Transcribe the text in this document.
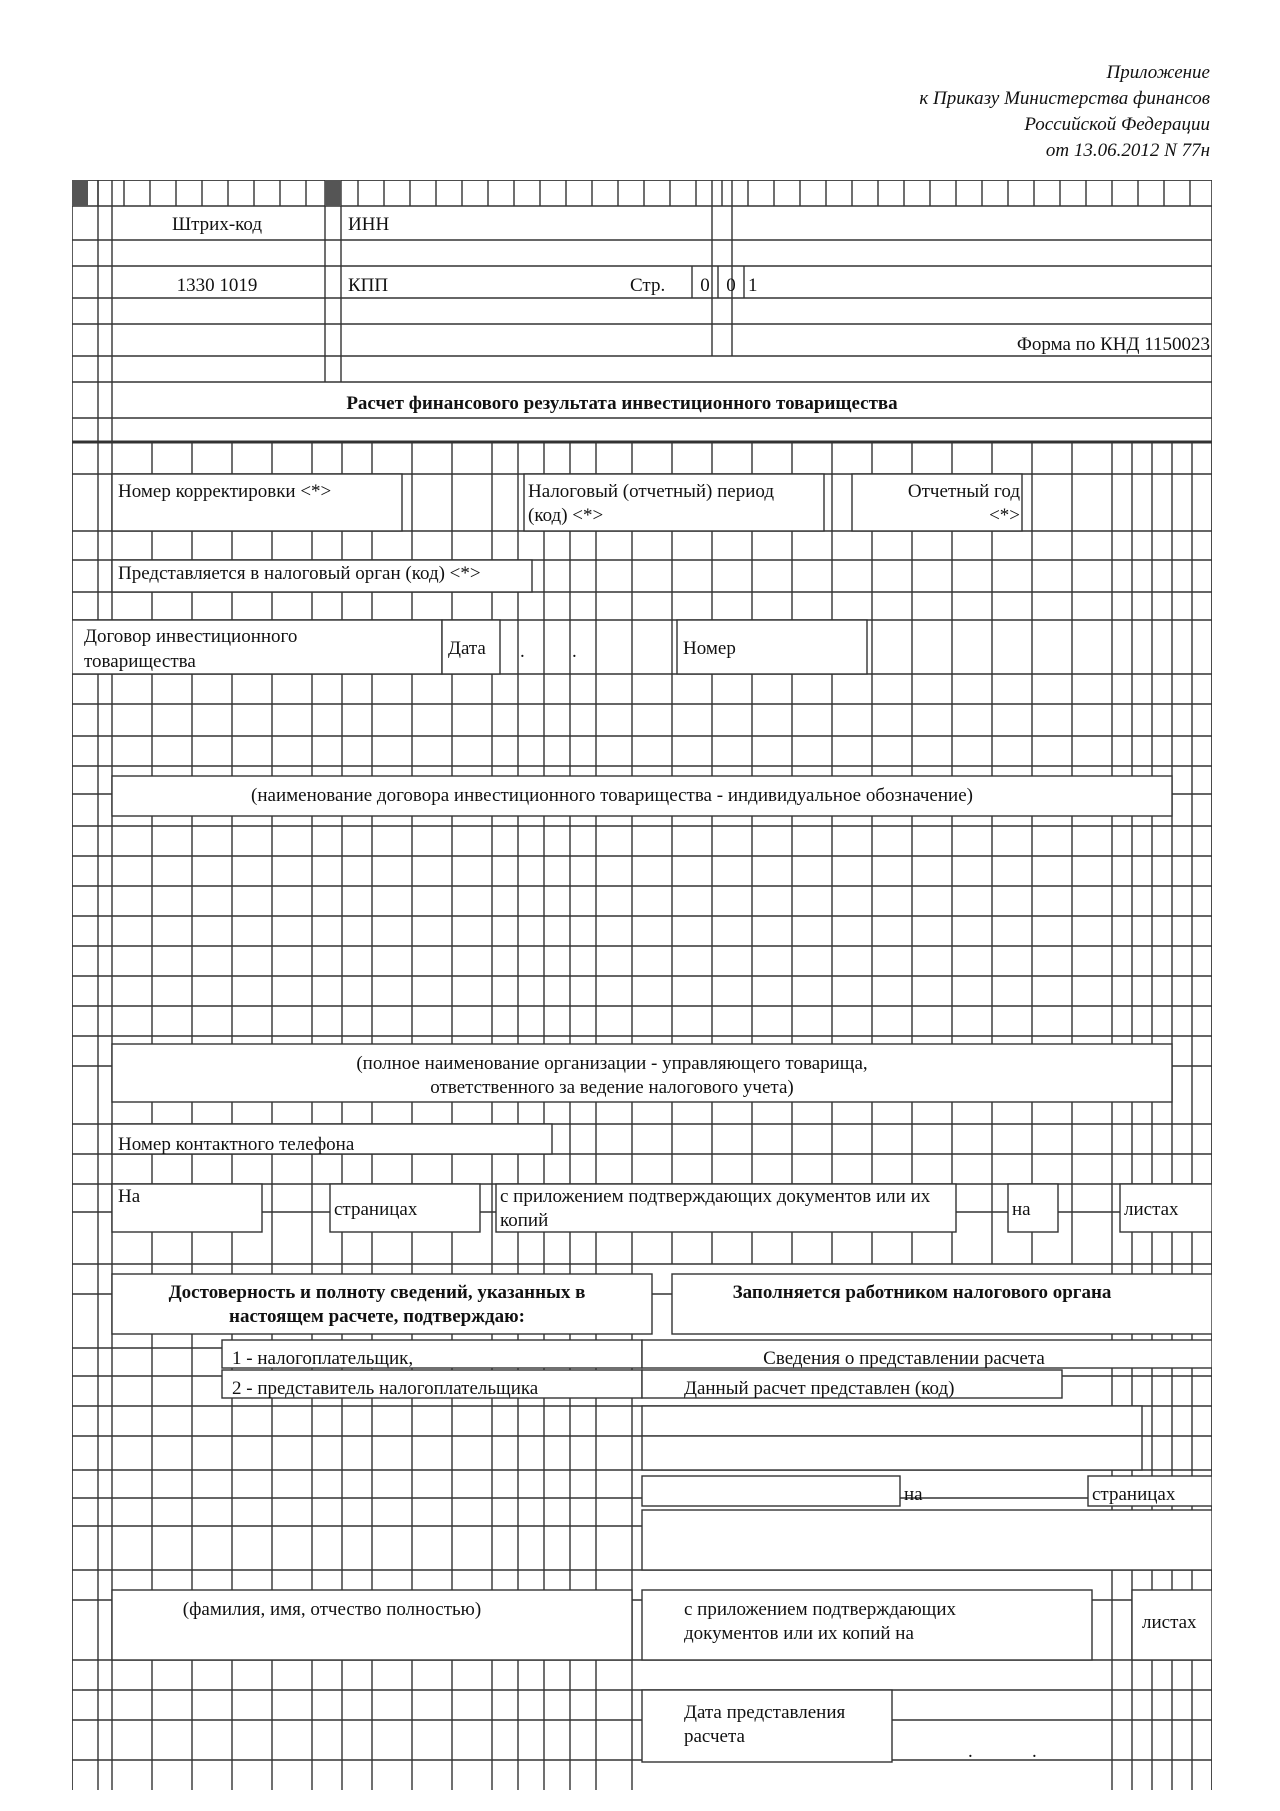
Приложение
к Приказу Министерства финансов
Российской Федерации
от 13.06.2012 N 77н
Штрих-код
1330 1019
ИНН
КПП	Стр.	0 0 1
Форма по КНД 1150023
Расчет финансового результата инвестиционного товарищества
Номер корректировки <*>	Налоговый (отчетный) период (код) <*>
Отчетный год
<*>
Представляется в налоговый орган (код) <*>
Договор инвестиционного
товарищества
Дата . .	Номер
(наименование договора инвестиционного товарищества - индивидуальное обозначение)
(полное наименование организации - управляющего товарища,
ответственного за ведение налогового учета)
Номер контактного телефона
На
страницах
с приложением подтверждающих документов или их копий
на	листах
Достоверность и полноту сведений, указанных в настоящем расчете, подтверждаю:
1 - налогоплательщик,
2 - представитель налогоплательщика
(фамилия, имя, отчество полностью)
Заполняется работником налогового органа
Сведения о представлении расчета
Данный расчет представлен (код)
на	страницах
с приложением подтверждающих
документов или их копий на
листах
Дата представления
расчета
.	.
